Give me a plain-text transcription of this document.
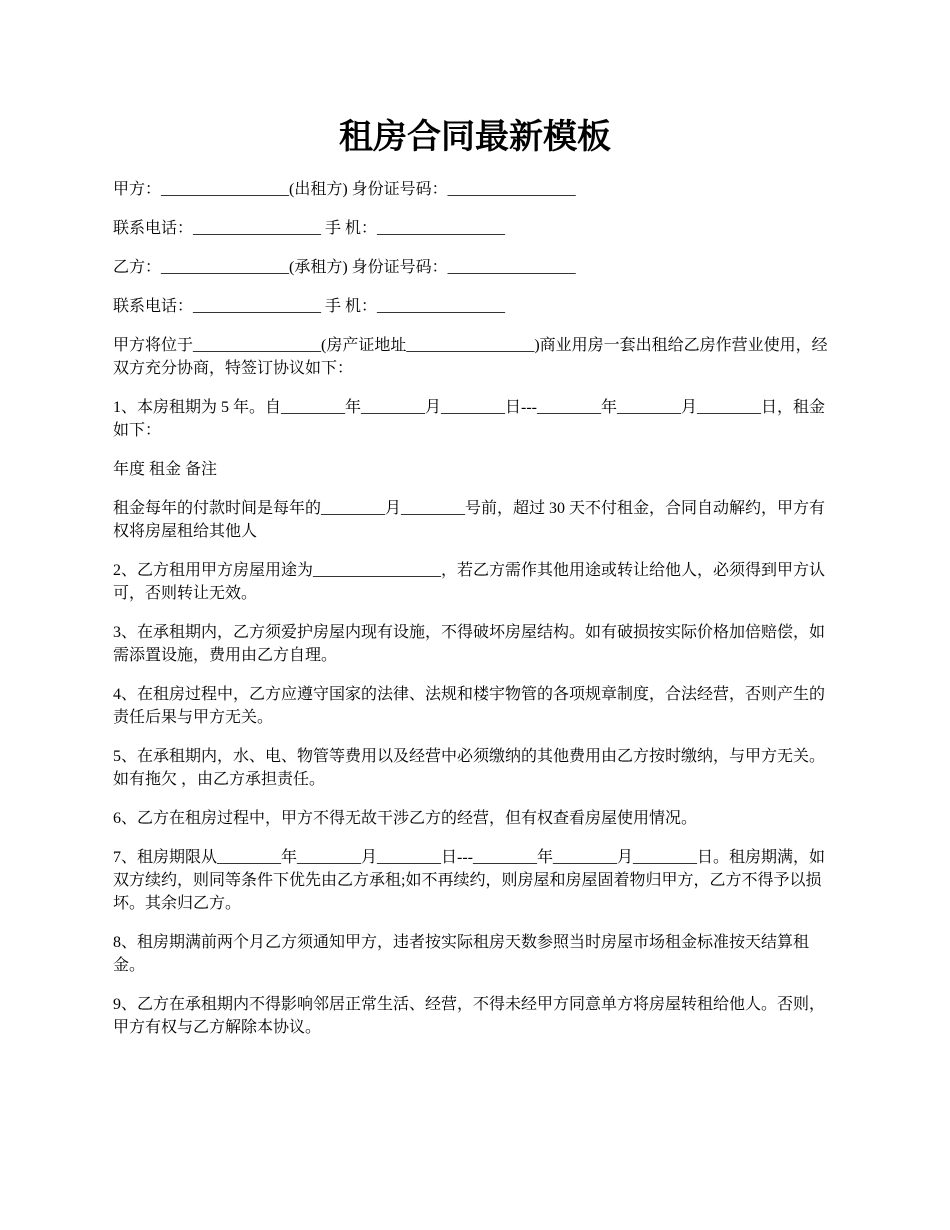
租房合同最新模板

甲方：________________(出租方) 身份证号码：________________

联系电话：________________ 手 机：________________

乙方：________________(承租方) 身份证号码：________________

联系电话：________________ 手 机：________________

甲方将位于________________(房产证地址________________)商业用房一套出租给乙房作营业使用，经双方充分协商，特签订协议如下：

1、本房租期为 5 年。自________年________月________日---________年________月________日，租金如下：

年度 租金 备注

租金每年的付款时间是每年的________月________号前，超过 30 天不付租金，合同自动解约，甲方有权将房屋租给其他人

2、乙方租用甲方房屋用途为________________，若乙方需作其他用途或转让给他人，必须得到甲方认可，否则转让无效。

3、在承租期内，乙方须爱护房屋内现有设施，不得破坏房屋结构。如有破损按实际价格加倍赔偿，如需添置设施，费用由乙方自理。

4、在租房过程中，乙方应遵守国家的法律、法规和楼宇物管的各项规章制度，合法经营，否则产生的责任后果与甲方无关。

5、在承租期内，水、电、物管等费用以及经营中必须缴纳的其他费用由乙方按时缴纳，与甲方无关。如有拖欠 ，由乙方承担责任。

6、乙方在租房过程中，甲方不得无故干涉乙方的经营，但有权查看房屋使用情况。

7、租房期限从________年________月________日---________年________月________日。租房期满，如双方续约，则同等条件下优先由乙方承租;如不再续约，则房屋和房屋固着物归甲方，乙方不得予以损坏。其余归乙方。

8、租房期满前两个月乙方须通知甲方，违者按实际租房天数参照当时房屋市场租金标准按天结算租金。

9、乙方在承租期内不得影响邻居正常生活、经营，不得未经甲方同意单方将房屋转租给他人。否则，甲方有权与乙方解除本协议。
